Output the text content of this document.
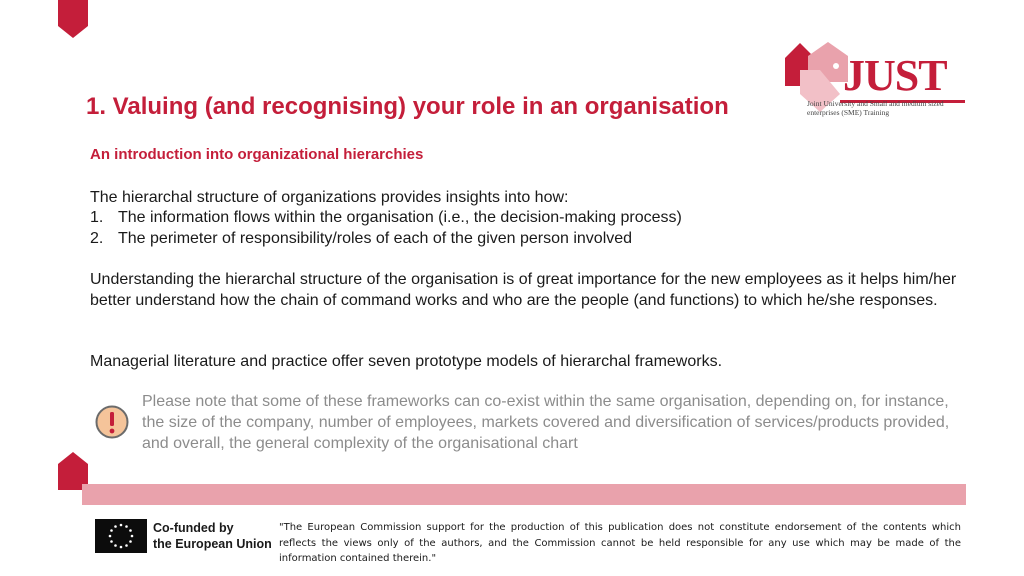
JUST
Joint University and Small and medium sized enterprises (SME) Training
1. Valuing (and recognising) your role in an organisation
An introduction into organizational hierarchies

The hierarchal structure of organizations provides insights into how:

1. The information flows within the organisation (i.e., the decision-making process)
2. The perimeter of responsibility/roles of each of the given person involved

Understanding the hierarchal structure of the organisation is of great importance for the new employees as it helps him/her better understand how the chain of command works and who are the people (and functions) to which he/she responses.

Managerial literature and practice offer seven prototype models of hierarchal frameworks.

Please note that some of these frameworks can co-exist within the same organisation, depending on, for instance, the size of the company, number of employees, markets covered and diversification of services/products provided, and overall, the general complexity of the organisational chart

Co-funded by
the European Union

"The European Commission support for the production of this publication does not constitute endorsement of the contents which reflects the views only of the authors, and the Commission cannot be held responsible for any use which may be made of the information contained therein."
